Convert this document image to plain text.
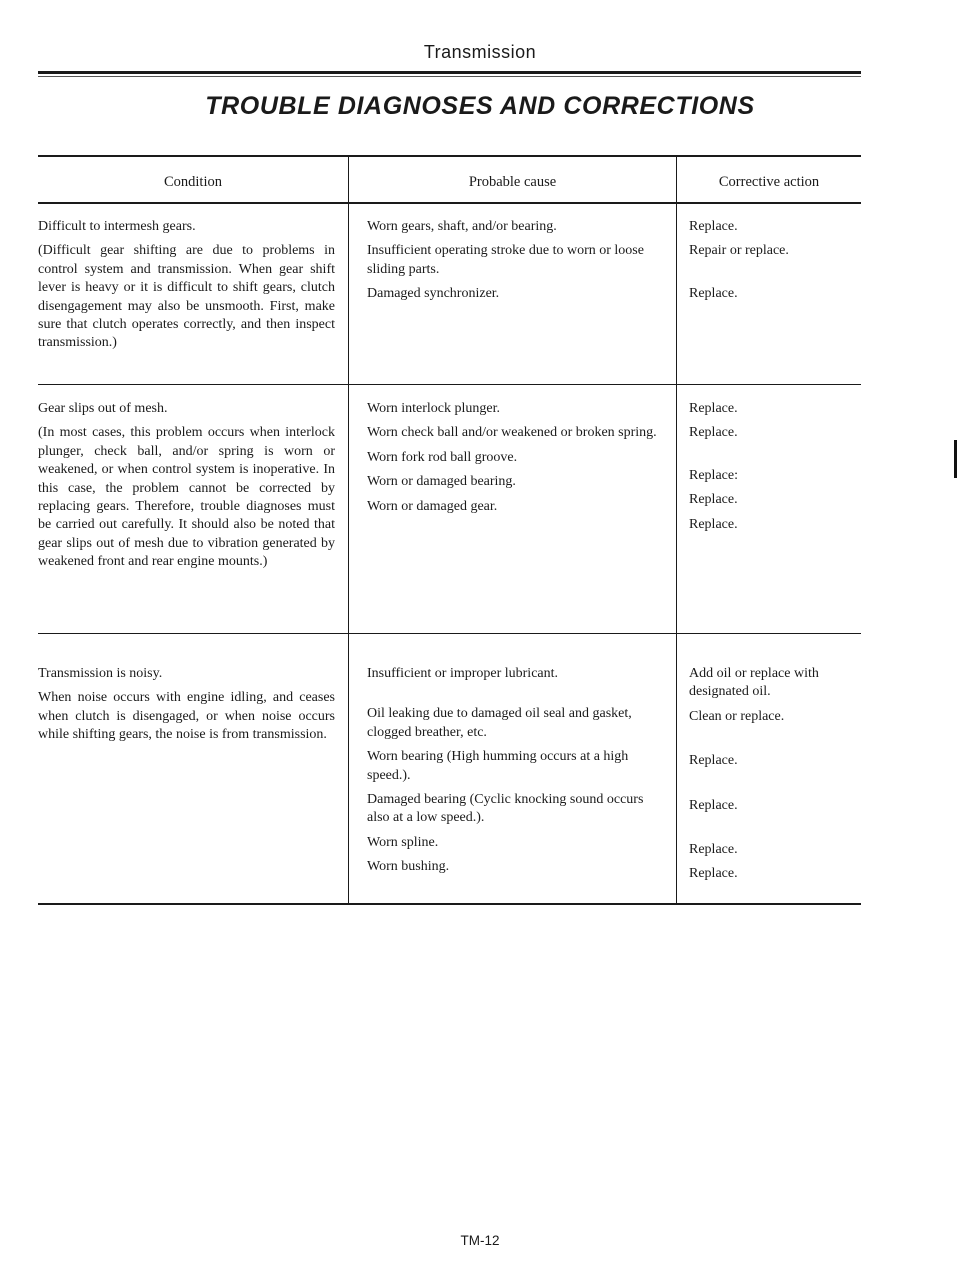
Transmission
TROUBLE DIAGNOSES AND CORRECTIONS
Condition	Probable cause	Corrective action

Difficult to intermesh gears.

(Difficult gear shifting are due to problems in control system and transmission. When gear shift lever is heavy or it is difficult to shift gears, clutch disengagement may also be unsmooth. First, make sure that clutch operates correctly, and then inspect transmission.)

Worn gears, shaft, and/or bearing.

Insufficient operating stroke due to worn or loose sliding parts.

Damaged synchronizer.

Replace.

Repair or replace.

Replace.

Gear slips out of mesh.

(In most cases, this problem occurs when interlock plunger, check ball, and/or spring is worn or weakened, or when control system is inoperative. In this case, the problem cannot be corrected by replacing gears. Therefore, trouble diagnoses must be carried out carefully. It should also be noted that gear slips out of mesh due to vibration generated by weakened front and rear engine mounts.)

Worn interlock plunger.

Worn check ball and/or weakened or broken spring.

Worn fork rod ball groove.

Worn or damaged bearing.

Worn or damaged gear.

Replace.

Replace.

Replace:

Replace.

Replace.

Transmission is noisy.

When noise occurs with engine idling, and ceases when clutch is disengaged, or when noise occurs while shifting gears, the noise is from transmission.

Insufficient or improper lubricant.

Oil leaking due to damaged oil seal and gasket, clogged breather, etc.

Worn bearing (High humming occurs at a high speed.).

Damaged bearing (Cyclic knocking sound occurs also at a low speed.).

Worn spline.

Worn bushing.

Add oil or replace with designated oil.

Clean or replace.

Replace.

Replace.

Replace.

Replace.

TM-12
